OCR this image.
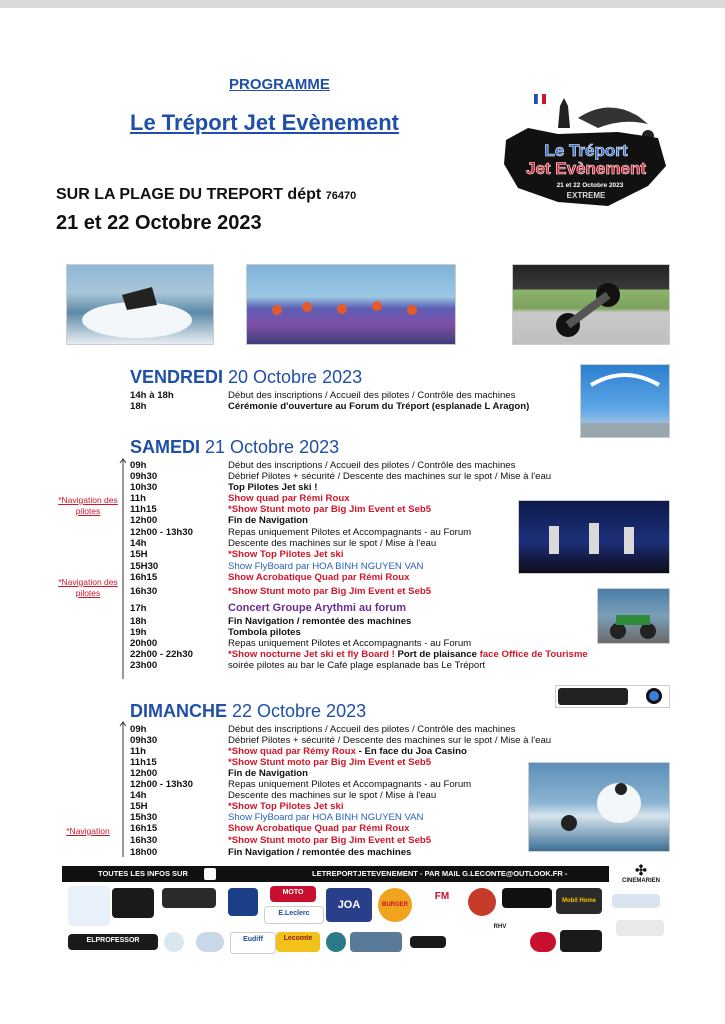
PROGRAMME
Le Tréport Jet Evènement
SUR LA PLAGE DU TREPORT dépt 76470
21 et 22 Octobre 2023
Le Tréport
Jet Evènement
21 et 22 Octobre 2023
EXTREME
VENDREDI 20 Octobre 2023
14h à 18h	Début des inscriptions / Accueil des pilotes / Contrôle des machines
18h	Cérémonie d'ouverture au Forum du Tréport (esplanade L Aragon)
SAMEDI 21 Octobre 2023
*Navigation des pilotes
*Navigation des pilotes
09h	Début des inscriptions / Accueil des pilotes / Contrôle des machines
09h30	Débrief Pilotes + sécurité / Descente des machines sur le spot / Mise à l'eau
10h30	Top Pilotes Jet ski !
11h	Show quad par Rémi Roux
11h15	*Show Stunt moto par Big Jim Event et Seb5
12h00	Fin de Navigation
12h00 - 13h30	Repas uniquement Pilotes et Accompagnants - au Forum
14h	Descente des machines sur le spot / Mise à l'eau
15H	*Show Top Pilotes Jet ski
15H30	Show FlyBoard par HOA BINH NGUYEN VAN
16h15	Show Acrobatique Quad par Rémi Roux
16h30	*Show Stunt moto par Big Jim Event et Seb5
17h	Concert Groupe Arythmi au forum
18h	Fin Navigation / remontée des machines
19h	Tombola pilotes
20h00	Repas uniquement Pilotes et Accompagnants - au Forum
22h00 - 22h30	*Show nocturne Jet ski et fly Board ! Port de plaisance face Office de Tourisme
23h00	soirée pilotes au bar le Café plage esplanade bas Le Tréport
DIMANCHE 22 Octobre 2023
*Navigation
09h	Début des inscriptions / Accueil des pilotes / Contrôle des machines
09h30	Débrief Pilotes + sécurité / Descente des machines sur le spot / Mise à l'eau
11h	*Show quad par Rémy Roux - En face du Joa Casino
11h15	*Show Stunt moto par Big Jim Event et Seb5
12h00	Fin de Navigation
12h00 - 13h30	Repas uniquement Pilotes et Accompagnants - au Forum
14h	Descente des machines sur le spot / Mise à l'eau
15H	*Show Top Pilotes Jet ski
15h30	Show FlyBoard par HOA BINH NGUYEN VAN
16h15	Show Acrobatique Quad par Rémi Roux
16h30	*Show Stunt moto par Big Jim Event et Seb5
18h00	Fin Navigation / remontée des machines
TOUTES LES INFOS SUR	LETREPORTJETEVENEMENT - PAR MAIL G.LECONTE@OUTLOOK.FR -	✣
CINEMARIEN
MOTO
E.Leclerc
JOA	BURGER
FM	Mobil Home
ELPROFESSOR	Eudiff	Lecomte
RHV
